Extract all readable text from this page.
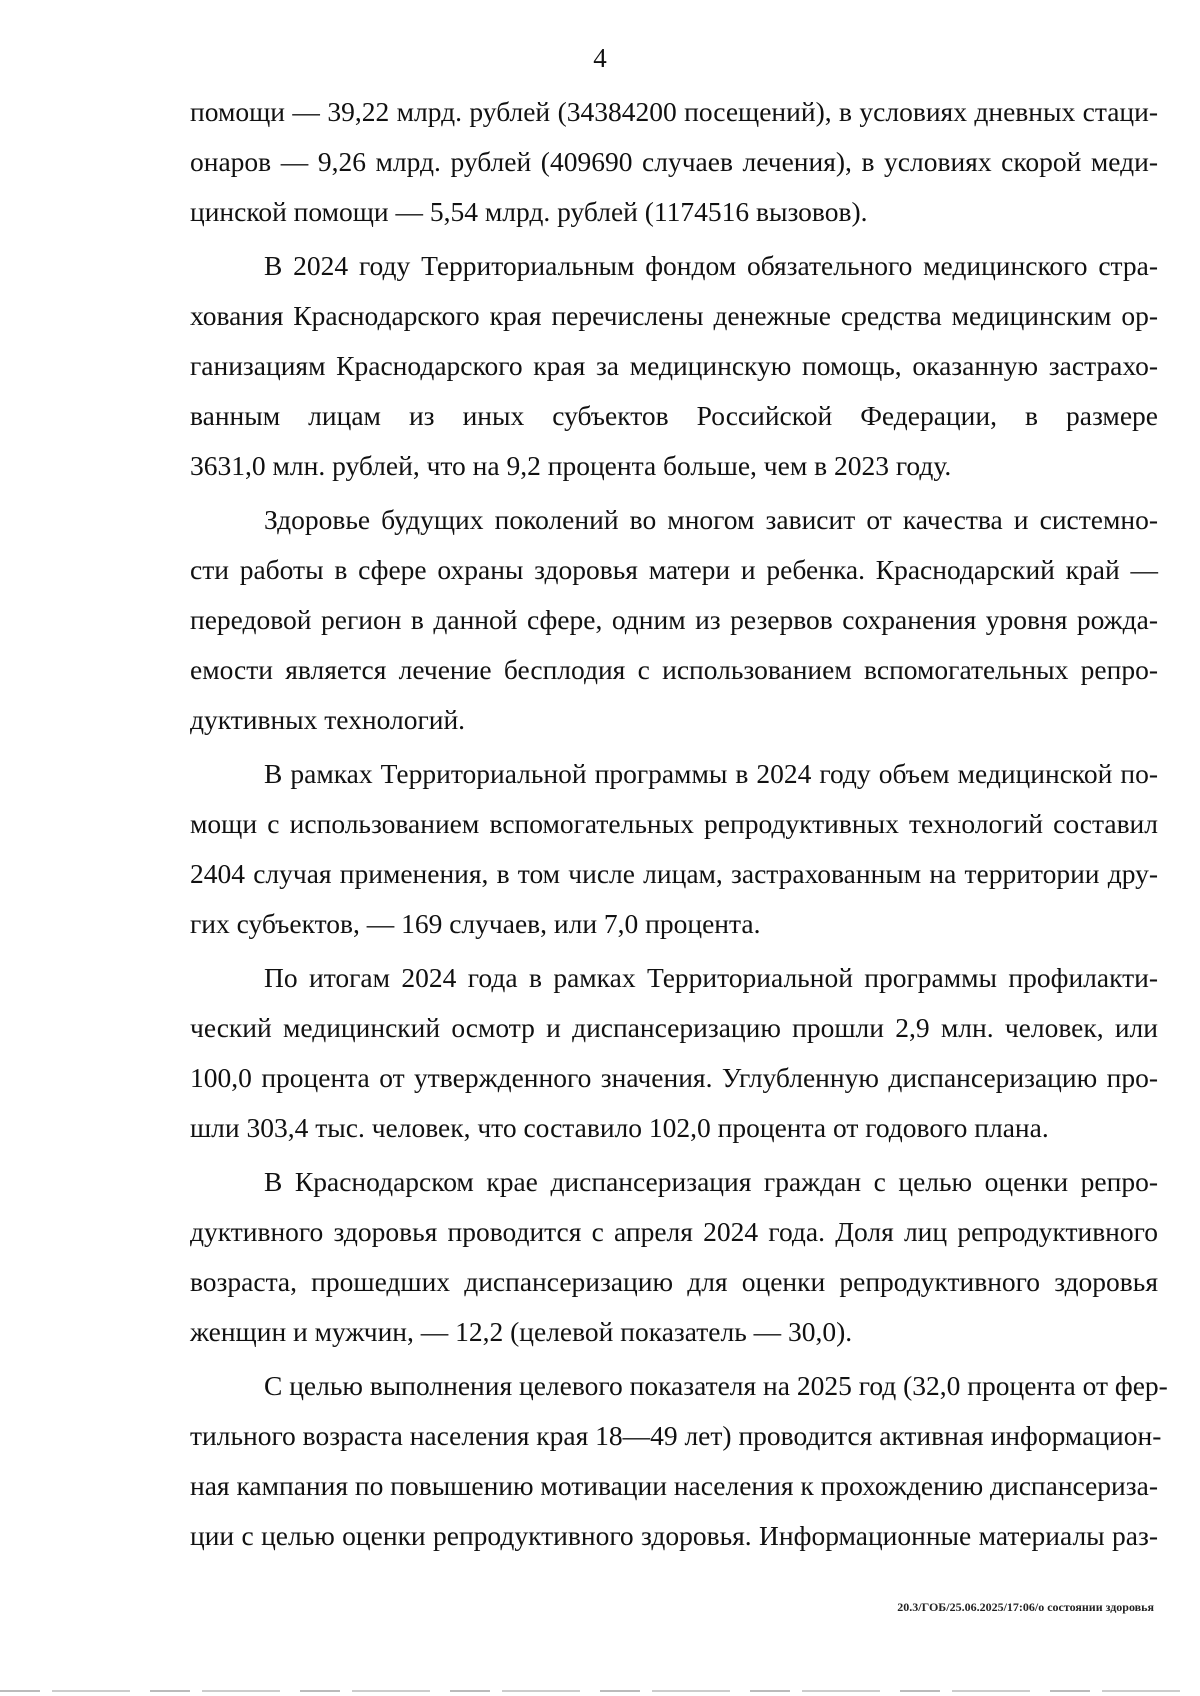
4
помощи — 39,22 млрд. рублей (34384200 посещений), в условиях дневных стаци-
онаров — 9,26 млрд. рублей (409690 случаев лечения), в условиях скорой меди-
цинской помощи — 5,54 млрд. рублей (1174516 вызовов).
В 2024 году Территориальным фондом обязательного медицинского стра-
хования Краснодарского края перечислены денежные средства медицинским ор-
ганизациям Краснодарского края за медицинскую помощь, оказанную застрахо-
ванным лицам из иных субъектов Российской Федерации, в размере
3631,0 млн. рублей, что на 9,2 процента больше, чем в 2023 году.
Здоровье будущих поколений во многом зависит от качества и системно-
сти работы в сфере охраны здоровья матери и ребенка. Краснодарский край —
передовой регион в данной сфере, одним из резервов сохранения уровня рожда-
емости является лечение бесплодия с использованием вспомогательных репро-
дуктивных технологий.
В рамках Территориальной программы в 2024 году объем медицинской по-
мощи с использованием вспомогательных репродуктивных технологий составил
2404 случая применения, в том числе лицам, застрахованным на территории дру-
гих субъектов, — 169 случаев, или 7,0 процента.
По итогам 2024 года в рамках Территориальной программы профилакти-
ческий медицинский осмотр и диспансеризацию прошли 2,9 млн. человек, или
100,0 процента от утвержденного значения. Углубленную диспансеризацию про-
шли 303,4 тыс. человек, что составило 102,0 процента от годового плана.
В Краснодарском крае диспансеризация граждан с целью оценки репро-
дуктивного здоровья проводится с апреля 2024 года. Доля лиц репродуктивного
возраста, прошедших диспансеризацию для оценки репродуктивного здоровья
женщин и мужчин, — 12,2 (целевой показатель — 30,0).
С целью выполнения целевого показателя на 2025 год (32,0 процента от фер-
тильного возраста населения края 18—49 лет) проводится активная информацион-
ная кампания по повышению мотивации населения к прохождению диспансериза-
ции с целью оценки репродуктивного здоровья. Информационные материалы раз-
20.3/ГОБ/25.06.2025/17:06/о состоянии здоровья
